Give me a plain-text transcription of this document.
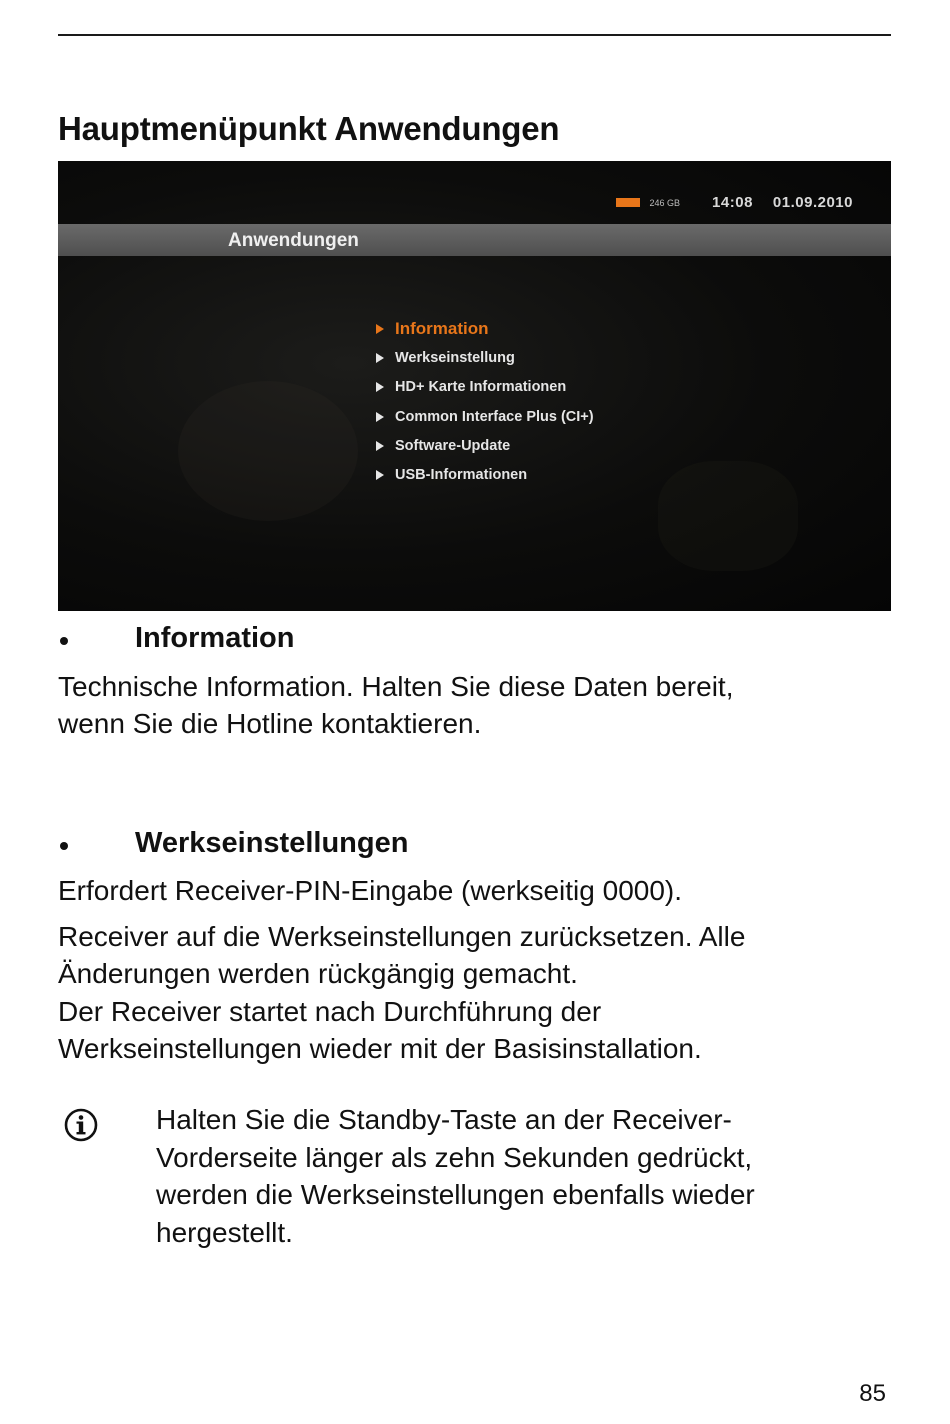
Hauptmenüpunkt Anwendungen
246 GB 14:08 01.09.2010
Anwendungen
Information
Werkseinstellung
HD+ Karte Informationen
Common Interface Plus (CI+)
Software-Update
USB-Informationen
Information

Technische Information. Halten Sie diese Daten bereit,

wenn Sie die Hotline kontaktieren.

Werkseinstellungen

Erfordert Receiver-PIN-Eingabe (werkseitig 0000).

Receiver auf die Werkseinstellungen zurücksetzen. Alle

Änderungen werden rückgängig gemacht.

Der Receiver startet nach Durchführung der

Werkseinstellungen wieder mit der Basisinstallation.

Halten Sie die Standby-Taste an der Receiver-
Vorderseite länger als zehn Sekunden gedrückt,
werden die Werkseinstellungen ebenfalls wieder
hergestellt.

85
